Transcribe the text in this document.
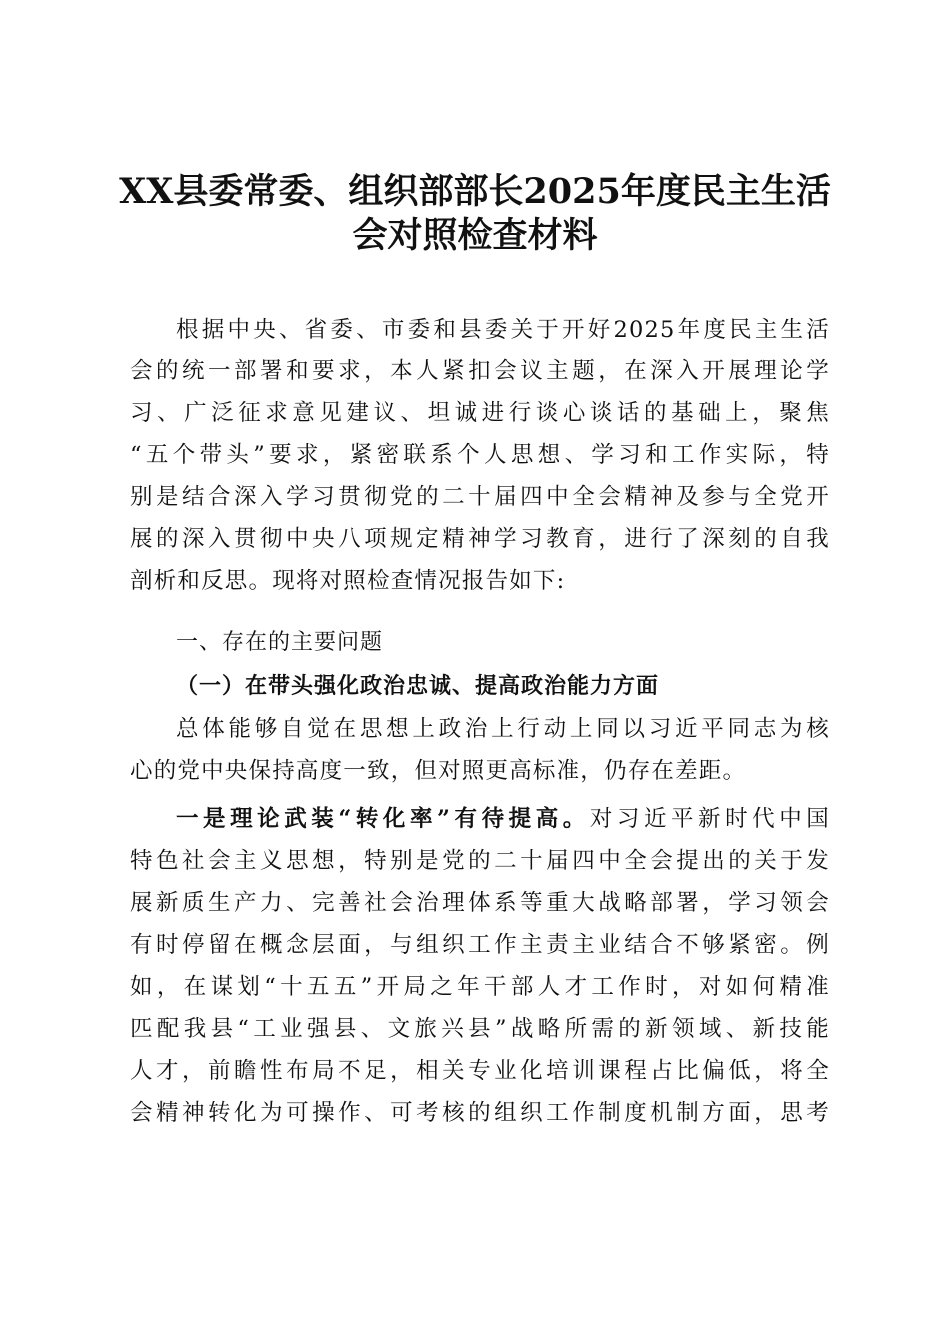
XX县委常委、组织部部长2025年度民主生活
会对照检查材料
根据中央、省委、市委和县委关于开好2025年度民主生活
会的统一部署和要求，本人紧扣会议主题，在深入开展理论学
习、广泛征求意见建议、坦诚进行谈心谈话的基础上，聚焦
“五个带头”要求，紧密联系个人思想、学习和工作实际，特
别是结合深入学习贯彻党的二十届四中全会精神及参与全党开
展的深入贯彻中央八项规定精神学习教育，进行了深刻的自我
剖析和反思。现将对照检查情况报告如下:
一、存在的主要问题
（一）在带头强化政治忠诚、提高政治能力方面
总体能够自觉在思想上政治上行动上同以习近平同志为核
心的党中央保持高度一致，但对照更高标准，仍存在差距。
一是理论武装“转化率”有待提高。对习近平新时代中国
特色社会主义思想，特别是党的二十届四中全会提出的关于发
展新质生产力、完善社会治理体系等重大战略部署，学习领会
有时停留在概念层面，与组织工作主责主业结合不够紧密。例
如，在谋划“十五五”开局之年干部人才工作时，对如何精准
匹配我县“工业强县、文旅兴县”战略所需的新领域、新技能
人才，前瞻性布局不足，相关专业化培训课程占比偏低，将全
会精神转化为可操作、可考核的组织工作制度机制方面，思考
